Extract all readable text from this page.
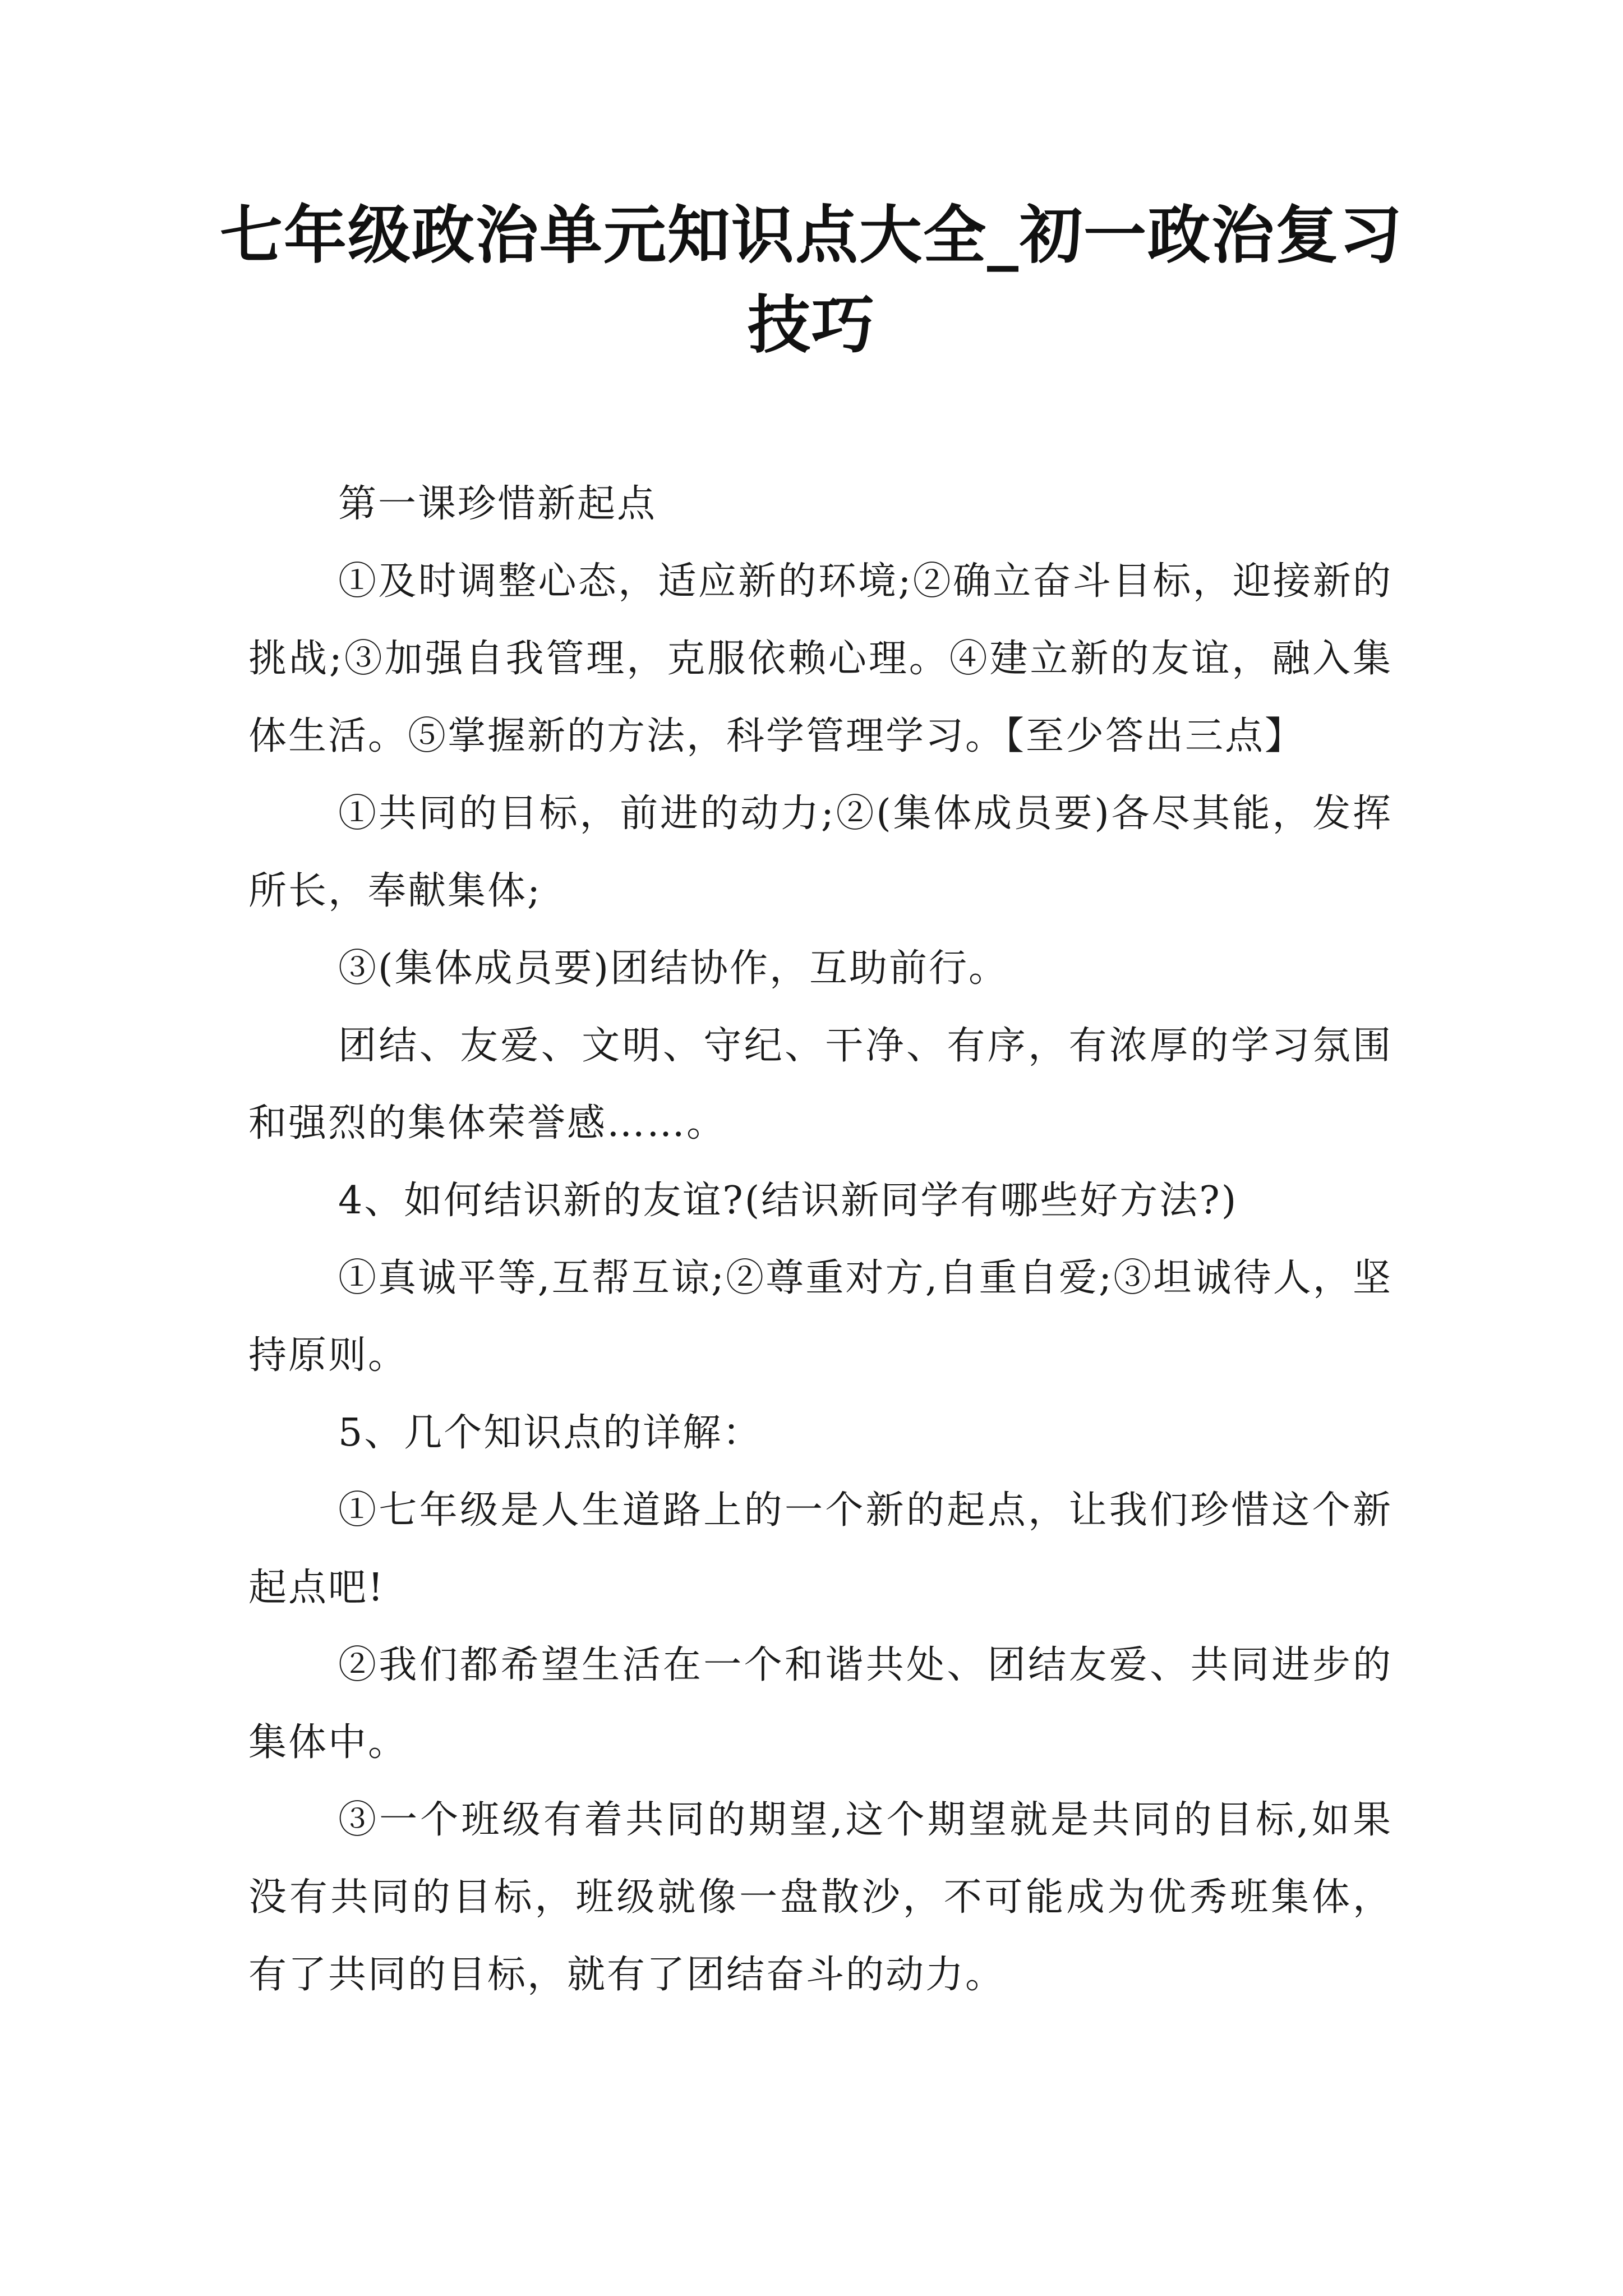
七年级政治单元知识点大全_初一政治复习
技巧

第一课珍惜新起点

①及时调整心态，适应新的环境;②确立奋斗目标，迎接新的挑战;③加强自我管理，克服依赖心理。④建立新的友谊，融入集体生活。⑤掌握新的方法，科学管理学习。【至少答出三点】

①共同的目标，前进的动力;②(集体成员要)各尽其能，发挥所长，奉献集体;

③(集体成员要)团结协作，互助前行。

团结、友爱、文明、守纪、干净、有序，有浓厚的学习氛围和强烈的集体荣誉感……。

4、如何结识新的友谊?(结识新同学有哪些好方法?)

①真诚平等,互帮互谅;②尊重对方,自重自爱;③坦诚待人，坚持原则。

5、几个知识点的详解：

①七年级是人生道路上的一个新的起点，让我们珍惜这个新起点吧!

②我们都希望生活在一个和谐共处、团结友爱、共同进步的集体中。

③一个班级有着共同的期望,这个期望就是共同的目标,如果没有共同的目标，班级就像一盘散沙，不可能成为优秀班集体，有了共同的目标，就有了团结奋斗的动力。
